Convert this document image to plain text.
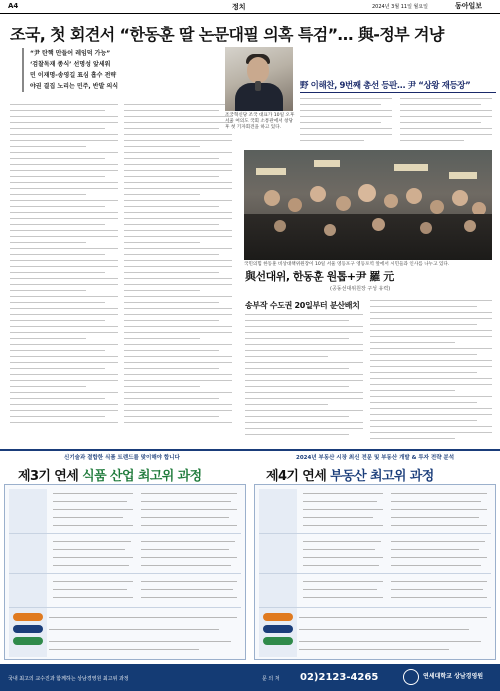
A4	정치	2024년 3월 11일 월요일	동아일보
조국, 첫 회견서 “한동훈 딸 논문대필 의혹 특검”… 與-정부 겨냥
“尹 탄핵 만들어 레임덕 가능”
‘검찰독재 종식’ 선명성 앞세워
민 이재명-송영길 표심 흡수 전략
야권 결집 노리는 민주, 반발 의식
조국혁신당 조국 대표가 10일 오후 서울 여의도 국회 소통관에서 창당 후 첫 기자회견을 하고 있다.
野 이해찬, 9번째 총선 등판… 尹 “상왕 재등장”
국민의힘 한동훈 비상대책위원장이 10일 서울 영등포구 영등포역 앞에서 시민들과 인사를 나누고 있다.
與선대위, 한동훈 원톱+尹 羅 元
(공동선대위원장 구성 유력)
송부작 수도권 20일부터 분산배치
신기술과 결합한 식품 트렌드를 맞이해야 합니다	2024년 부동산 시장 최신 전문 및 부동산 개발 & 투자 전략 분석
제3기 연세 식품 산업 최고위 과정	제4기 연세 부동산 최고위 과정
국내 최고의 교수진과 함께하는 상남경영원 최고위 과정	문 의 처 02)2123-4265	연세대학교 상남경영원
